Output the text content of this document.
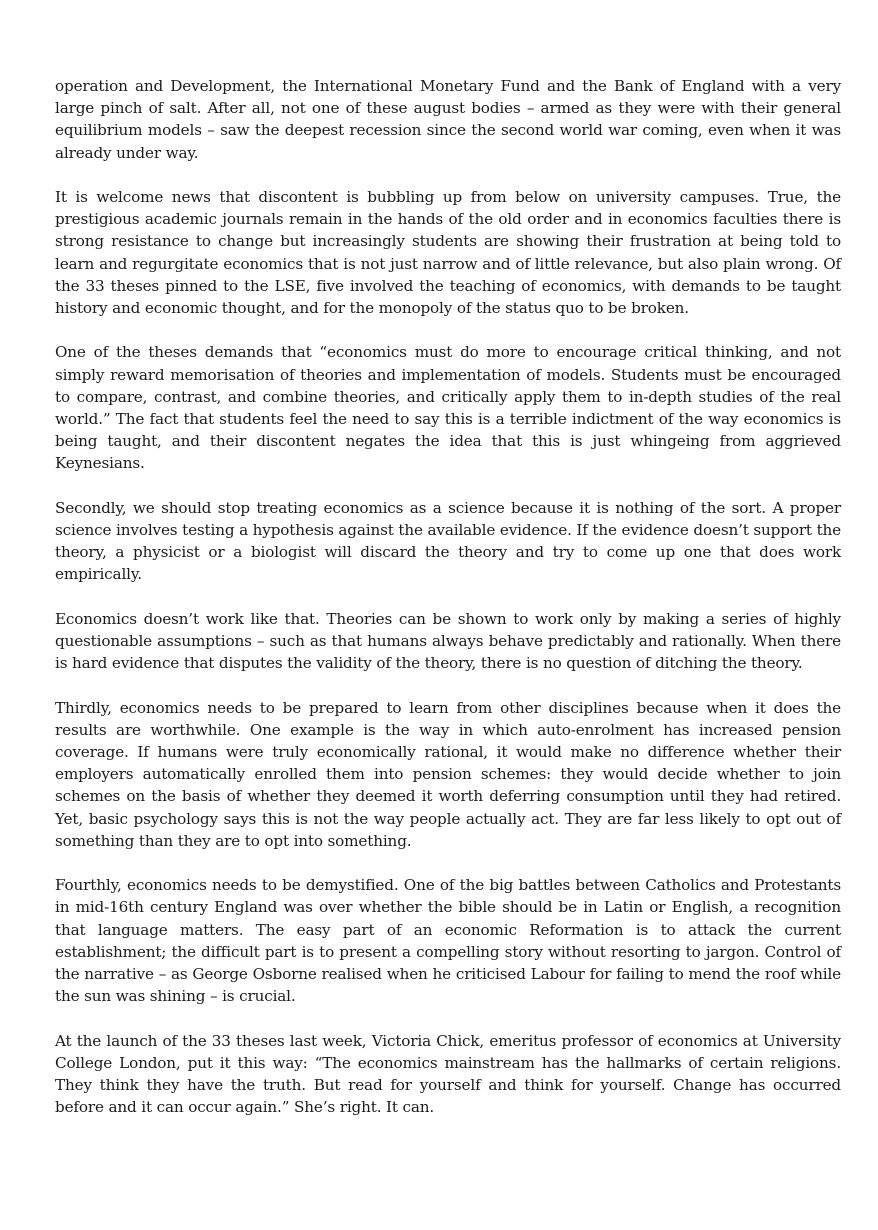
operation and Development, the International Monetary Fund and the Bank of England with a very large pinch of salt. After all, not one of these august bodies – armed as they were with their general equilibrium models – saw the deepest recession since the second world war coming, even when it was already under way.

It is welcome news that discontent is bubbling up from below on university campuses. True, the prestigious academic journals remain in the hands of the old order and in economics faculties there is strong resistance to change but increasingly students are showing their frustration at being told to learn and regurgitate economics that is not just narrow and of little relevance, but also plain wrong. Of the 33 theses pinned to the LSE, five involved the teaching of economics, with demands to be taught history and economic thought, and for the monopoly of the status quo to be broken.

One of the theses demands that “economics must do more to encourage critical thinking, and not simply reward memorisation of theories and implementation of models. Students must be encouraged to compare, contrast, and combine theories, and critically apply them to in-depth studies of the real world.” The fact that students feel the need to say this is a terrible indictment of the way economics is being taught, and their discontent negates the idea that this is just whingeing from aggrieved Keynesians.

Secondly, we should stop treating economics as a science because it is nothing of the sort. A proper science involves testing a hypothesis against the available evidence. If the evidence doesn’t support the theory, a physicist or a biologist will discard the theory and try to come up one that does work empirically.

Economics doesn’t work like that. Theories can be shown to work only by making a series of highly questionable assumptions – such as that humans always behave predictably and rationally. When there is hard evidence that disputes the validity of the theory, there is no question of ditching the theory.

Thirdly, economics needs to be prepared to learn from other disciplines because when it does the results are worthwhile. One example is the way in which auto-enrolment has increased pension coverage. If humans were truly economically rational, it would make no difference whether their employers automatically enrolled them into pension schemes: they would decide whether to join schemes on the basis of whether they deemed it worth deferring consumption until they had retired. Yet, basic psychology says this is not the way people actually act. They are far less likely to opt out of something than they are to opt into something.

Fourthly, economics needs to be demystified. One of the big battles between Catholics and Protestants in mid-16th century England was over whether the bible should be in Latin or English, a recognition that language matters. The easy part of an economic Reformation is to attack the current establishment; the difficult part is to present a compelling story without resorting to jargon. Control of the narrative – as George Osborne realised when he criticised Labour for failing to mend the roof while the sun was shining – is crucial.

At the launch of the 33 theses last week, Victoria Chick, emeritus professor of economics at University College London, put it this way: “The economics mainstream has the hallmarks of certain religions. They think they have the truth. But read for yourself and think for yourself. Change has occurred before and it can occur again.” She’s right. It can.
